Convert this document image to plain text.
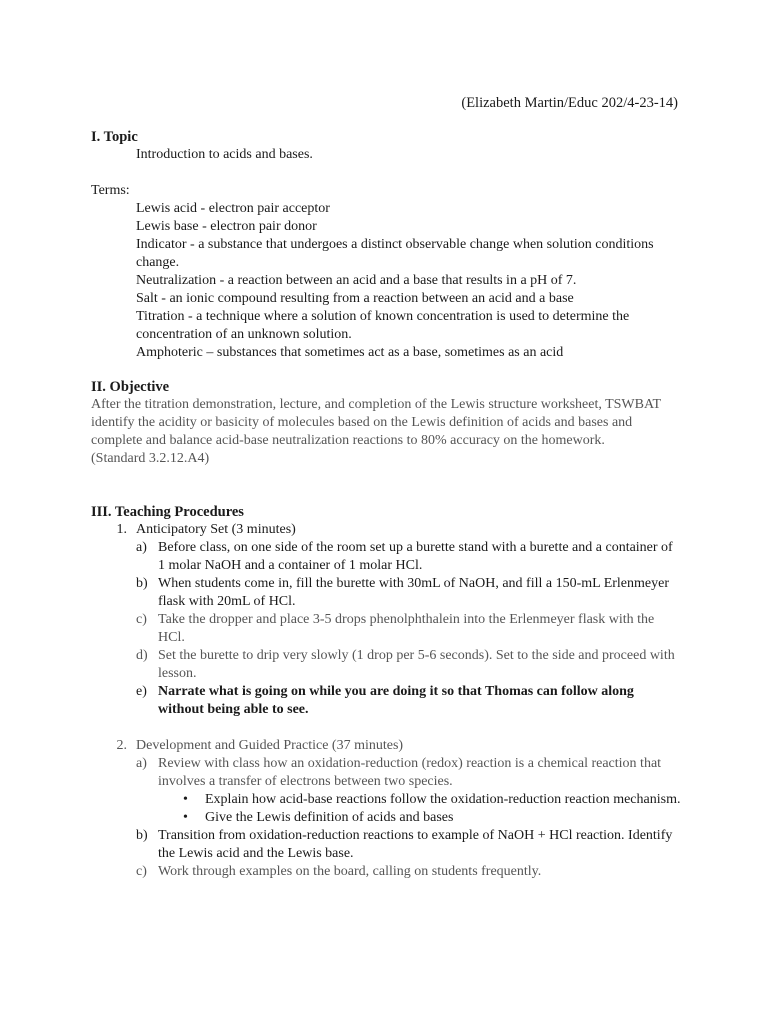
(Elizabeth Martin/Educ 202/4-23-14)
I. Topic
Introduction to acids and bases.
Terms:
Lewis acid - electron pair acceptor
Lewis base - electron pair donor
Indicator - a substance that undergoes a distinct observable change when solution conditions change.
Neutralization - a reaction between an acid and a base that results in a pH of 7.
Salt - an ionic compound resulting from a reaction between an acid and a base
Titration - a technique where a solution of known concentration is used to determine the concentration of an unknown solution.
Amphoteric – substances that sometimes act as a base, sometimes as an acid
II. Objective
After the titration demonstration, lecture, and completion of the Lewis structure worksheet, TSWBAT identify the acidity or basicity of molecules based on the Lewis definition of acids and bases and complete and balance acid-base neutralization reactions to 80% accuracy on the homework.
(Standard 3.2.12.A4)
III. Teaching Procedures
1. Anticipatory Set (3 minutes)
a) Before class, on one side of the room set up a burette stand with a burette and a container of 1 molar NaOH and a container of 1 molar HCl.
b) When students come in, fill the burette with 30mL of NaOH, and fill a 150-mL Erlenmeyer flask with 20mL of HCl.
c) Take the dropper and place 3-5 drops phenolphthalein into the Erlenmeyer flask with the HCl.
d) Set the burette to drip very slowly (1 drop per 5-6 seconds). Set to the side and proceed with lesson.
e) Narrate what is going on while you are doing it so that Thomas can follow along without being able to see.
2. Development and Guided Practice (37 minutes)
a) Review with class how an oxidation-reduction (redox) reaction is a chemical reaction that involves a transfer of electrons between two species.
•	Explain how acid-base reactions follow the oxidation-reduction reaction mechanism.
•	Give the Lewis definition of acids and bases
b) Transition from oxidation-reduction reactions to example of NaOH + HCl reaction. Identify the Lewis acid and the Lewis base.
c) Work through examples on the board, calling on students frequently.
